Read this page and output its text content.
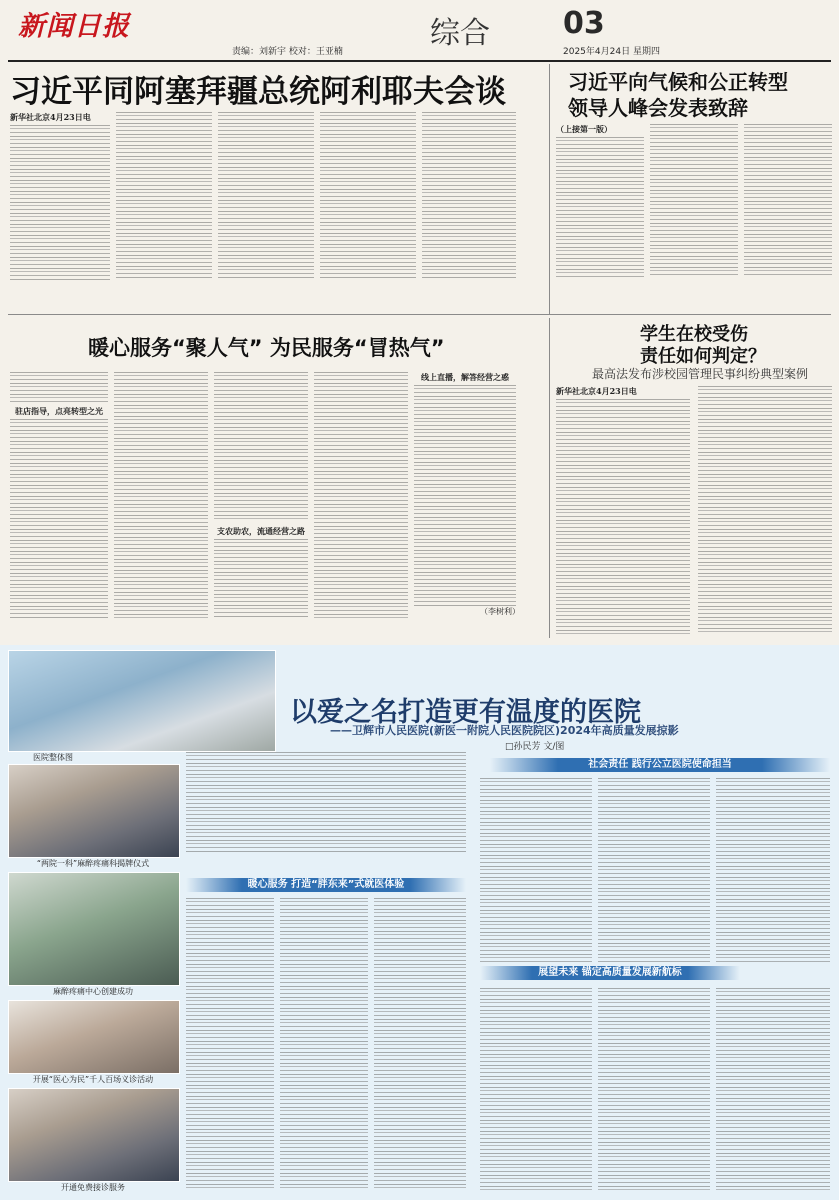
新闻日报
责编：刘新宇 校对：王亚楠
综合 03
2025年4月24日 星期四
习近平同阿塞拜疆总统阿利耶夫会谈
新华社北京4月23日电
习近平向气候和公正转型
领导人峰会发表致辞
（上接第一版）
暖心服务“聚人气” 为民服务“冒热气”
驻店指导，点亮转型之光
支农助农，流通经营之路
线上直播，解答经营之惑
（李树利）
学生在校受伤
责任如何判定？
最高法发布涉校园管理民事纠纷典型案例
新华社北京4月23日电
以爱之名打造更有温度的医院
——卫辉市人民医院(新医一附院人民医院院区)2024年高质量发展掠影
□孙民芳 文/图
医院整体图
“两院一科”麻醉疼痛科揭牌仪式
麻醉疼痛中心创建成功
开展“医心为民”千人百场义诊活动
开通免费接诊服务
社会责任 践行公立医院使命担当
暖心服务 打造“胖东来”式就医体验
展望未来 锚定高质量发展新航标
